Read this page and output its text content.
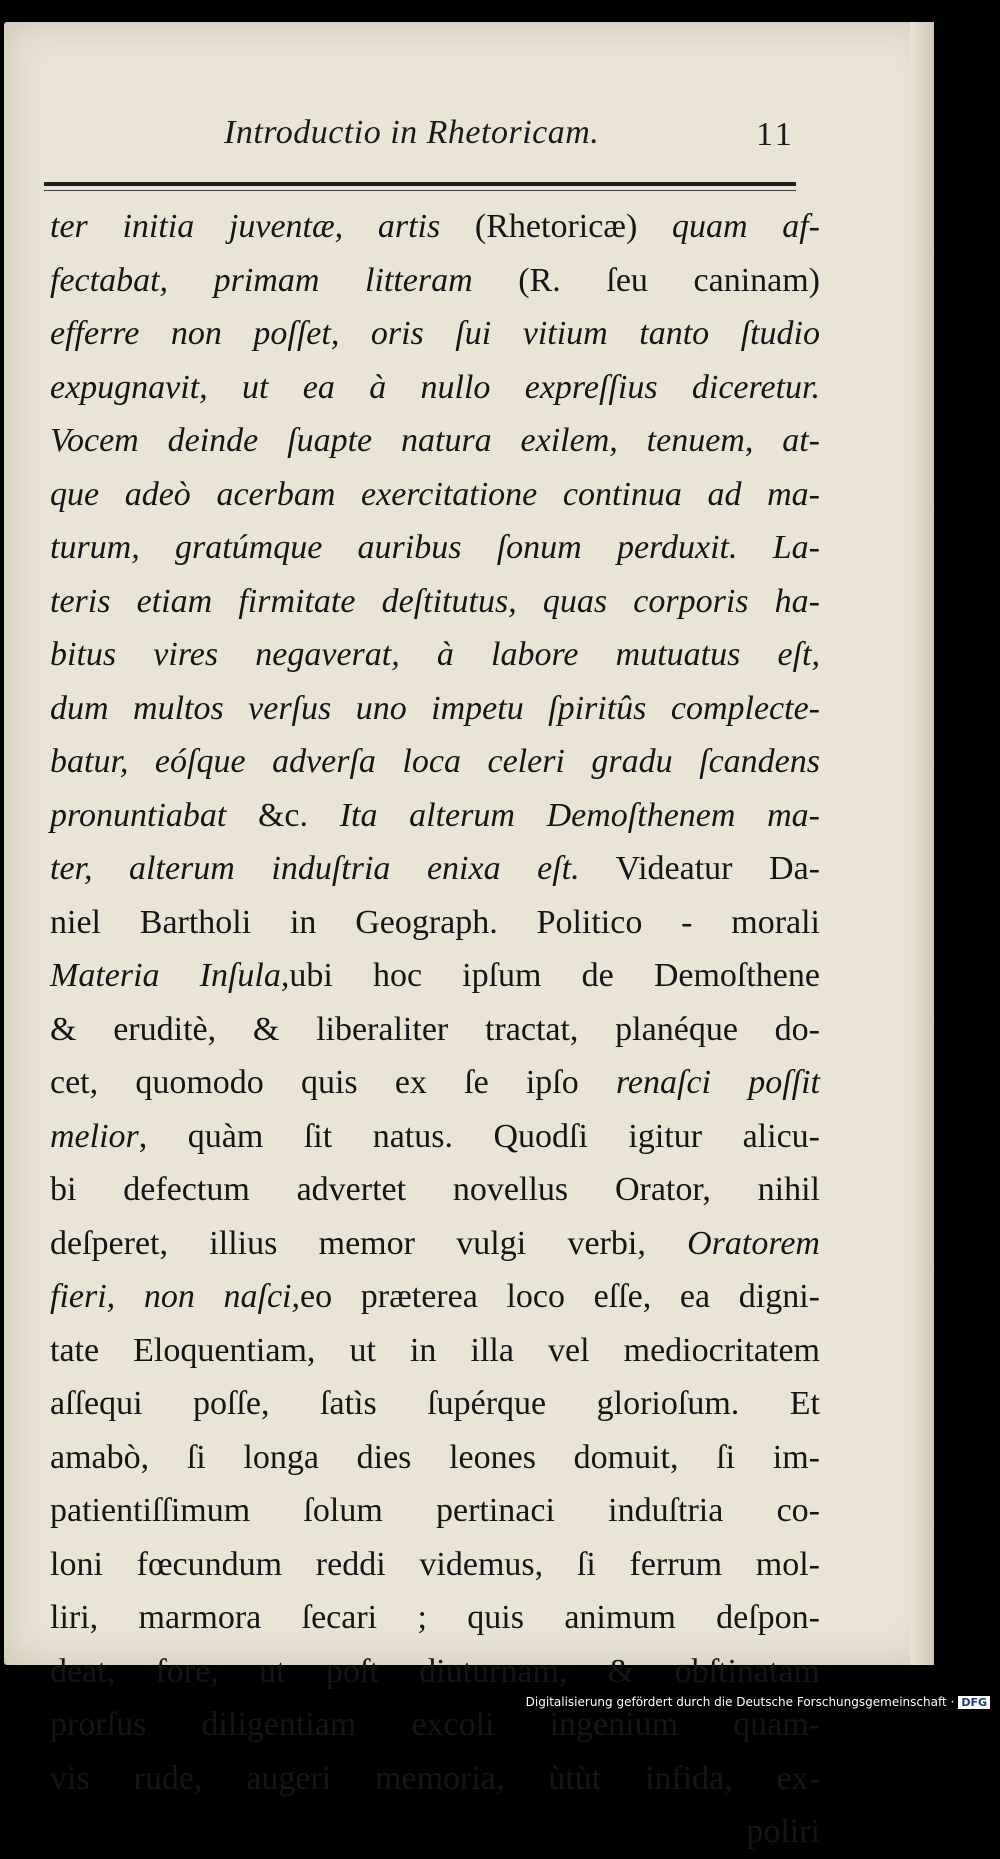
Introductio in Rhetoricam.	11
ter initia juventæ, artis (Rhetoricæ) quam af-
fectabat, primam litteram (R. ſeu caninam)
efferre non poſſet, oris ſui vitium tanto ſtudio
expugnavit, ut ea à nullo expreſſius diceretur.
Vocem deinde ſuapte natura exilem, tenuem, at-
que adeò acerbam exercitatione continua ad ma-
turum, gratúmque auribus ſonum perduxit. La-
teris etiam firmitate deſtitutus, quas corporis ha-
bitus vires negaverat, à labore mutuatus eſt,
dum multos verſus uno impetu ſpiritûs complecte-
batur, eóſque adverſa loca celeri gradu ſcandens
pronuntiabat &c. Ita alterum Demoſthenem ma-
ter, alterum induſtria enixa eſt. Videatur Da-
niel Bartholi in Geograph. Politico - morali
Materia Inſula,ubi hoc ipſum de Demoſthene
& eruditè, & liberaliter tractat, planéque do-
cet, quomodo quis ex ſe ipſo renaſci poſſit
melior, quàm ſit natus. Quodſi igitur alicu-
bi defectum advertet novellus Orator, nihil
deſperet, illius memor vulgi verbi, Oratorem
fieri, non naſci,eo præterea loco eſſe, ea digni-
tate Eloquentiam, ut in illa vel mediocritatem
aſſequi poſſe, ſatìs ſupérque glorioſum. Et
amabò, ſi longa dies leones domuit, ſi im-
patientiſſimum ſolum pertinaci induſtria co-
loni fœcundum reddi videmus, ſi ferrum mol-
liri, marmora ſecari ; quis animum deſpon-
deat, fore, ut poſt diuturnam, & obſtinatam
prorſus diligentiam excoli ingenium quam-
vis rude, augeri memoria, ùtùt infida, ex-
poliri
Digitalisierung gefördert durch die Deutsche Forschungsgemeinschaft · DFG
